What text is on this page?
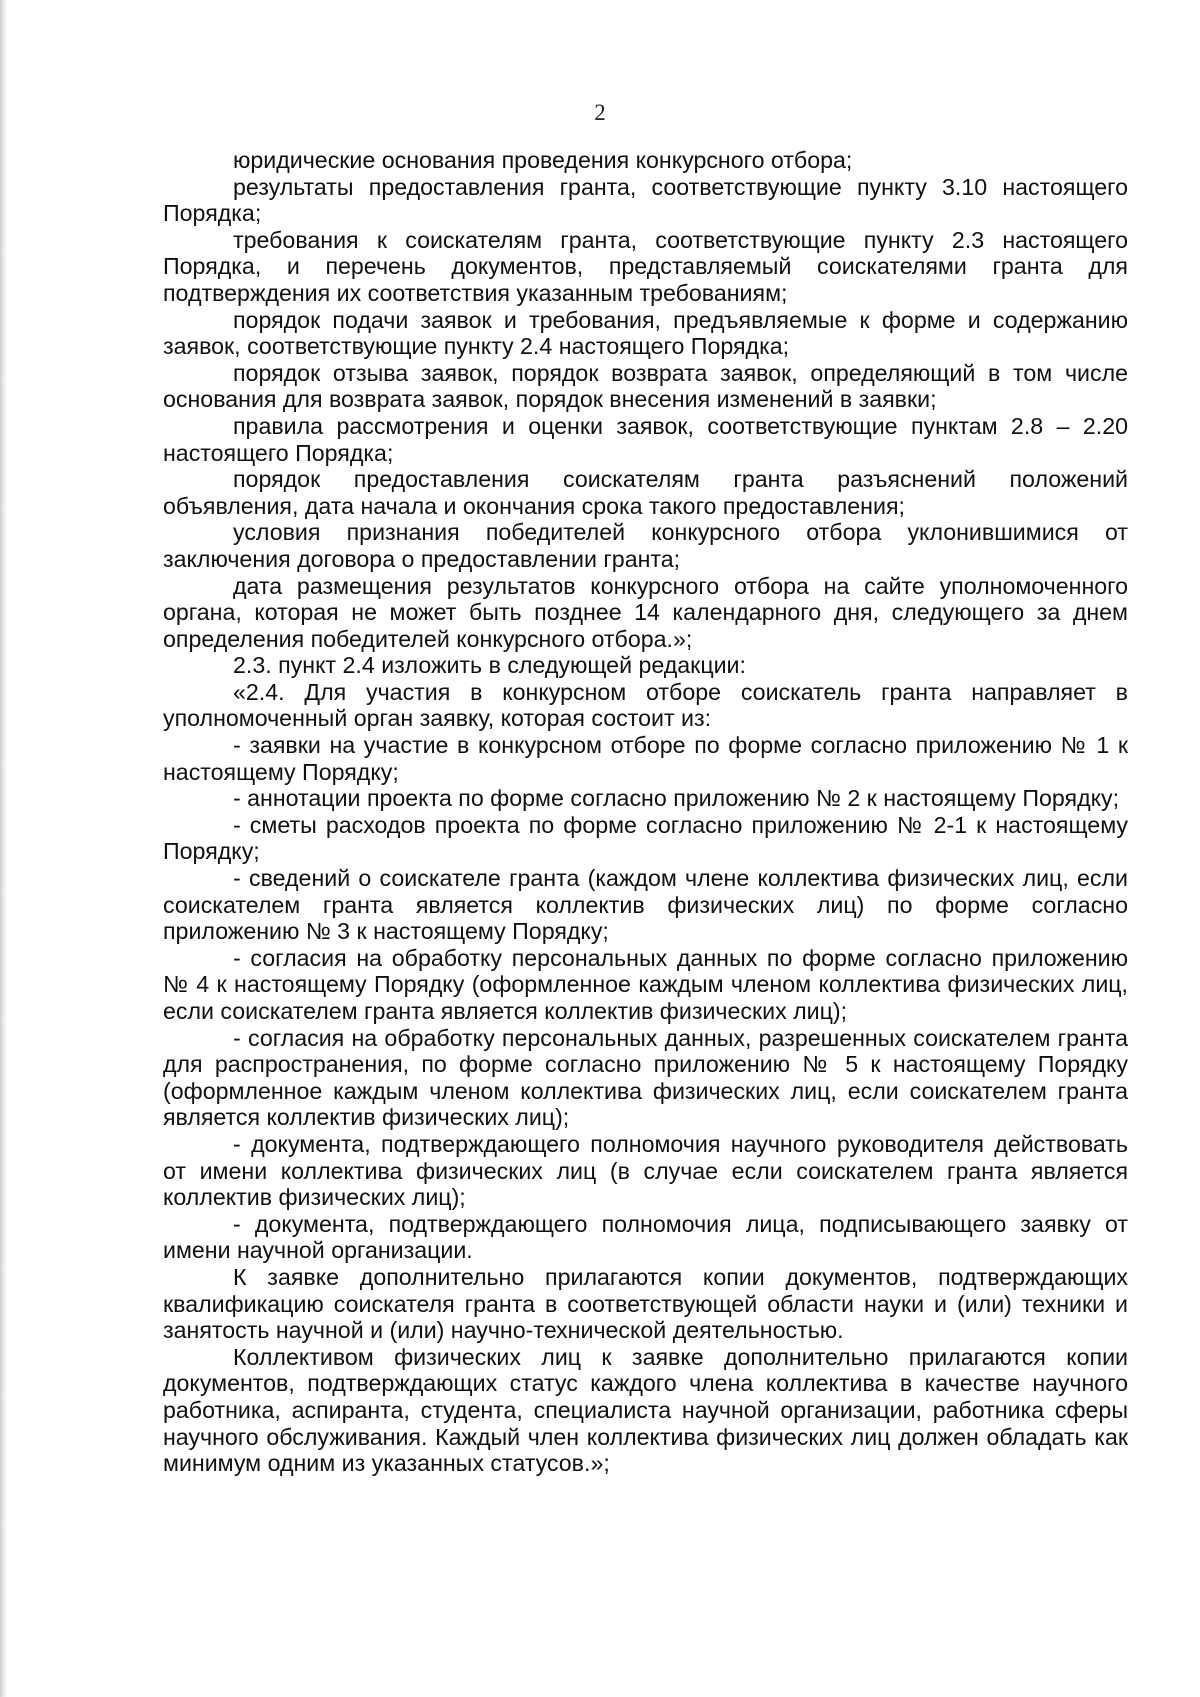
2

юридические основания проведения конкурсного отбора;

результаты предоставления гранта, соответствующие пункту 3.10 настоящего Порядка;

требования к соискателям гранта, соответствующие пункту 2.3 настоящего Порядка, и перечень документов, представляемый соискателями гранта для подтверждения их соответствия указанным требованиям;

порядок подачи заявок и требования, предъявляемые к форме и содержанию заявок, соответствующие пункту 2.4 настоящего Порядка;

порядок отзыва заявок, порядок возврата заявок, определяющий в том числе основания для возврата заявок, порядок внесения изменений в заявки;

правила рассмотрения и оценки заявок, соответствующие пунктам 2.8 – 2.20 настоящего Порядка;

порядок предоставления соискателям гранта разъяснений положений объявления, дата начала и окончания срока такого предоставления;

условия признания победителей конкурсного отбора уклонившимися от заключения договора о предоставлении гранта;

дата размещения результатов конкурсного отбора на сайте уполномоченного органа, которая не может быть позднее 14 календарного дня, следующего за днем определения победителей конкурсного отбора.»;

2.3. пункт 2.4 изложить в следующей редакции:

«2.4. Для участия в конкурсном отборе соискатель гранта направляет в уполномоченный орган заявку, которая состоит из:

- заявки на участие в конкурсном отборе по форме согласно приложению № 1 к настоящему Порядку;

- аннотации проекта по форме согласно приложению № 2 к настоящему Порядку;

- сметы расходов проекта по форме согласно приложению № 2-1 к настоящему Порядку;

- сведений о соискателе гранта (каждом члене коллектива физических лиц, если соискателем гранта является коллектив физических лиц) по форме согласно приложению № 3 к настоящему Порядку;

- согласия на обработку персональных данных по форме согласно приложению № 4 к настоящему Порядку (оформленное каждым членом коллектива физических лиц, если соискателем гранта является коллектив физических лиц);

- согласия на обработку персональных данных, разрешенных соискателем гранта для распространения, по форме согласно приложению № 5 к настоящему Порядку (оформленное каждым членом коллектива физических лиц, если соискателем гранта является коллектив физических лиц);

- документа, подтверждающего полномочия научного руководителя действовать от имени коллектива физических лиц (в случае если соискателем гранта является коллектив физических лиц);

- документа, подтверждающего полномочия лица, подписывающего заявку от имени научной организации.

К заявке дополнительно прилагаются копии документов, подтверждающих квалификацию соискателя гранта в соответствующей области науки и (или) техники и занятость научной и (или) научно-технической деятельностью.

Коллективом физических лиц к заявке дополнительно прилагаются копии документов, подтверждающих статус каждого члена коллектива в качестве научного работника, аспиранта, студента, специалиста научной организации, работника сферы научного обслуживания. Каждый член коллектива физических лиц должен обладать как минимум одним из указанных статусов.»;
